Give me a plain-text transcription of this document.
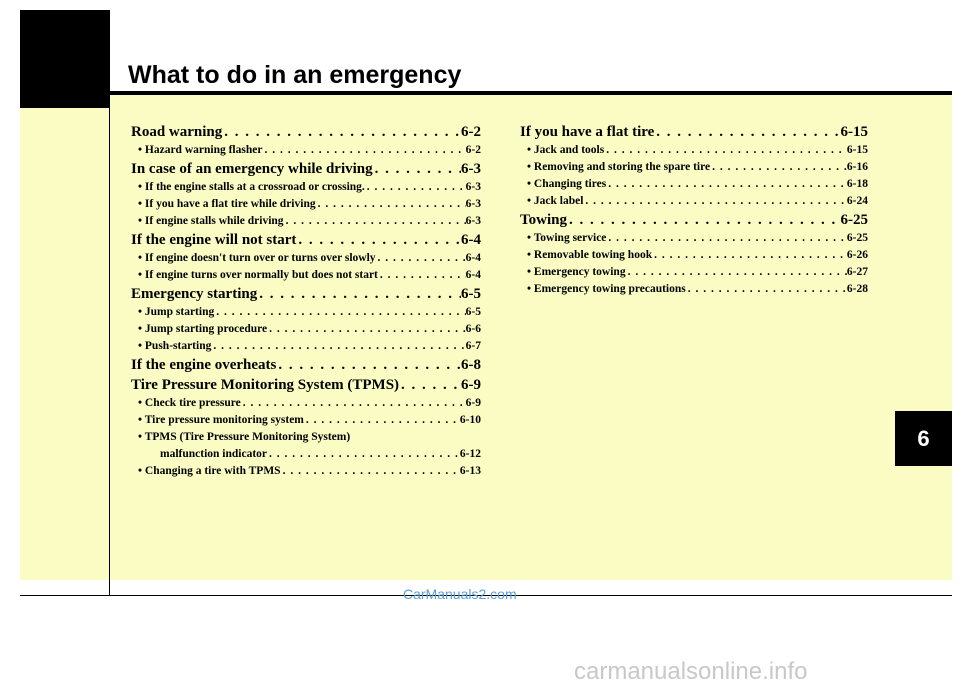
What to do in an emergency
6
Road warning . . .	6-2
• Hazard warning flasher . . .	6-2
In case of an emergency while driving . . .	6-3
• If the engine stalls at a crossroad or crossing. . . .	6-3
• If you have a flat tire while driving . . .	6-3
• If engine stalls while driving . . .	6-3
If the engine will not start . . .	6-4
• If engine doesn't turn over or turns over slowly . . .	6-4
• If engine turns over normally but does not start . . .	6-4
Emergency starting . . .	6-5
• Jump starting . . .	6-5
• Jump starting procedure . . .	6-6
• Push-starting . . .	6-7
If the engine overheats . . .	6-8
Tire Pressure Monitoring System (TPMS) . . .	6-9
• Check tire pressure . . .	6-9
• Tire pressure monitoring system . . .	6-10
• TPMS (Tire Pressure Monitoring System)
malfunction indicator . . .	6-12
• Changing a tire with TPMS . . .	6-13
If you have a flat tire . . .	6-15
• Jack and tools . . .	6-15
• Removing and storing the spare tire . . .	6-16
• Changing tires . . .	6-18
• Jack label . . .	6-24
Towing . . .	6-25
• Towing service . . .	6-25
• Removable towing hook . . .	6-26
• Emergency towing . . .	6-27
• Emergency towing precautions . . .	6-28
CarManuals2.com
carmanualsonline.info
